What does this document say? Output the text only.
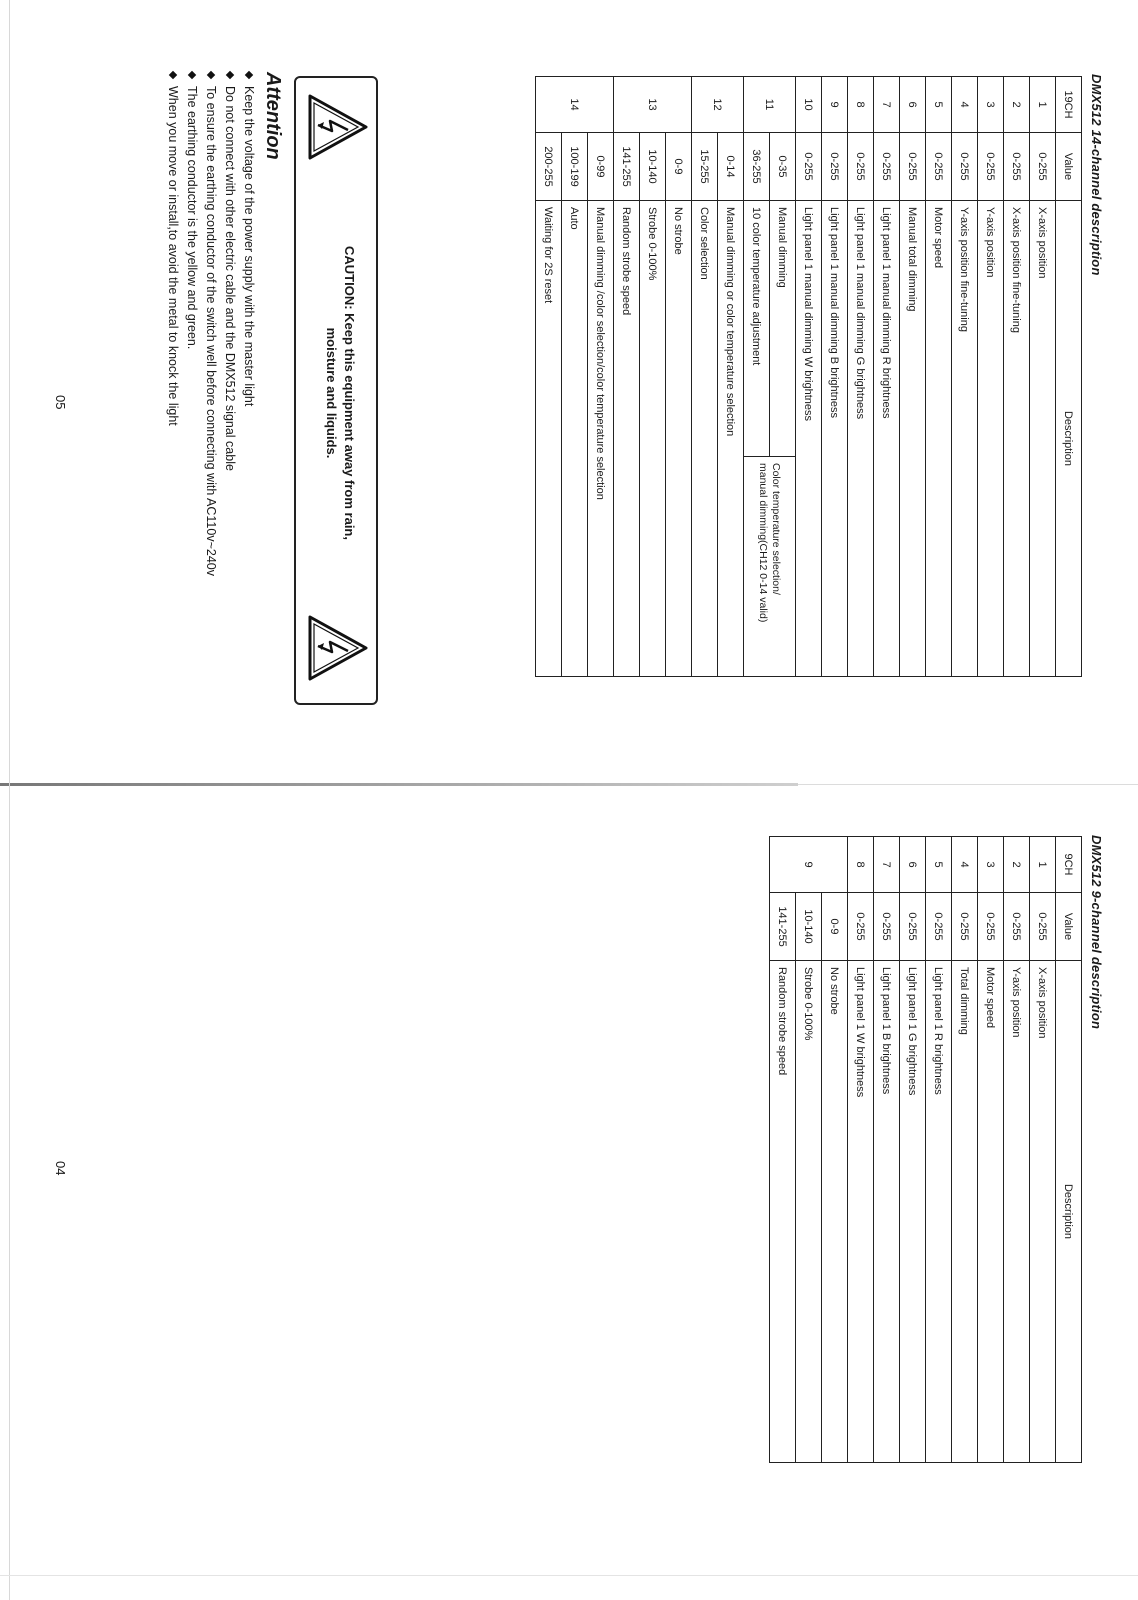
DMX512 14-channel description
19CH	Value	Description	
1	0-255	X-axis position	
2	0-255	X-axis position fine-tuning	
3	0-255	Y-axis position	
4	0-255	Y-axis position fine-tuning	
5	0-255	Motor speed	
6	0-255	Manual total dimming	
7	0-255	Light panel 1 manual dimming R brightness	
8	0-255	Light panel 1 manual dimming G brightness	
9	0-255	Light panel 1 manual dimming B brightness	
10	0-255	Light panel 1 manual dimming W brightness	
11	0-35	Manual dimming	Color temperature selection/
manual dimming(CH12 0-14 valid)
	36-255	10 color temperature adjustment	
12	0-14	Manual dimming or color temperature selection	
	15-255	Color selection	
13	0-9	No strobe	
	10-140	Strobe 0-100%	
	141-255	Random strobe speed	
14	0-99	Manual dimming /color selection/color temperature selection	
	100-199	Auto	
	200-255	Waiting for 2S reset	
CAUTION: Keep this equipment away from rain,
moisture and liquids.
Attention
Keep the voltage of the power supply with the master light
Do not connect with other electric cable and the DMX512 signal cable
To ensure the earthing conductor of the switch well before connecting with AC110v~240v
The earthing conductor is the yellow and green.
When you move or install,to avoid the metal to knock the light

05

DMX512 9-channel description
9CH	Value	Description
1	0-255	X-axis position
2	0-255	Y-axis position
3	0-255	Motor speed
4	0-255	Total dimming
5	0-255	Light panel 1 R brightness
6	0-255	Light panel 1 G brightness
7	0-255	Light panel 1 B brightness
8	0-255	Light panel 1 W brightness
9	0-9	No strobe
	10-140	Strobe 0-100%
	141-255	Random strobe speed

04
